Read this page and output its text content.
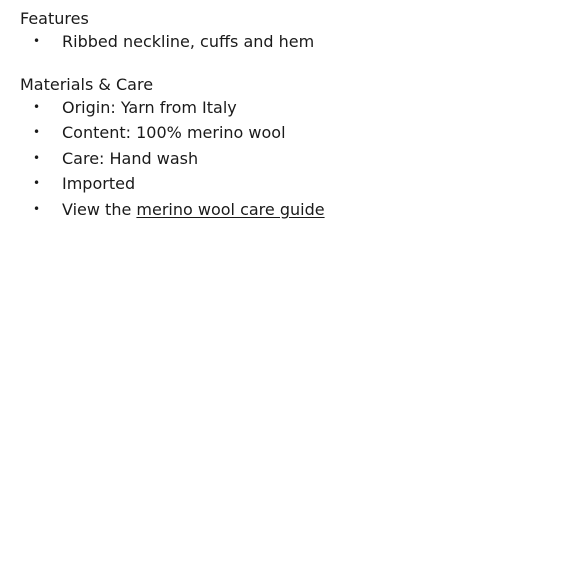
Features
• Ribbed neckline, cuffs and hem
Materials & Care
• Origin: Yarn from Italy
• Content: 100% merino wool
• Care: Hand wash
• Imported
• View the merino wool care guide
